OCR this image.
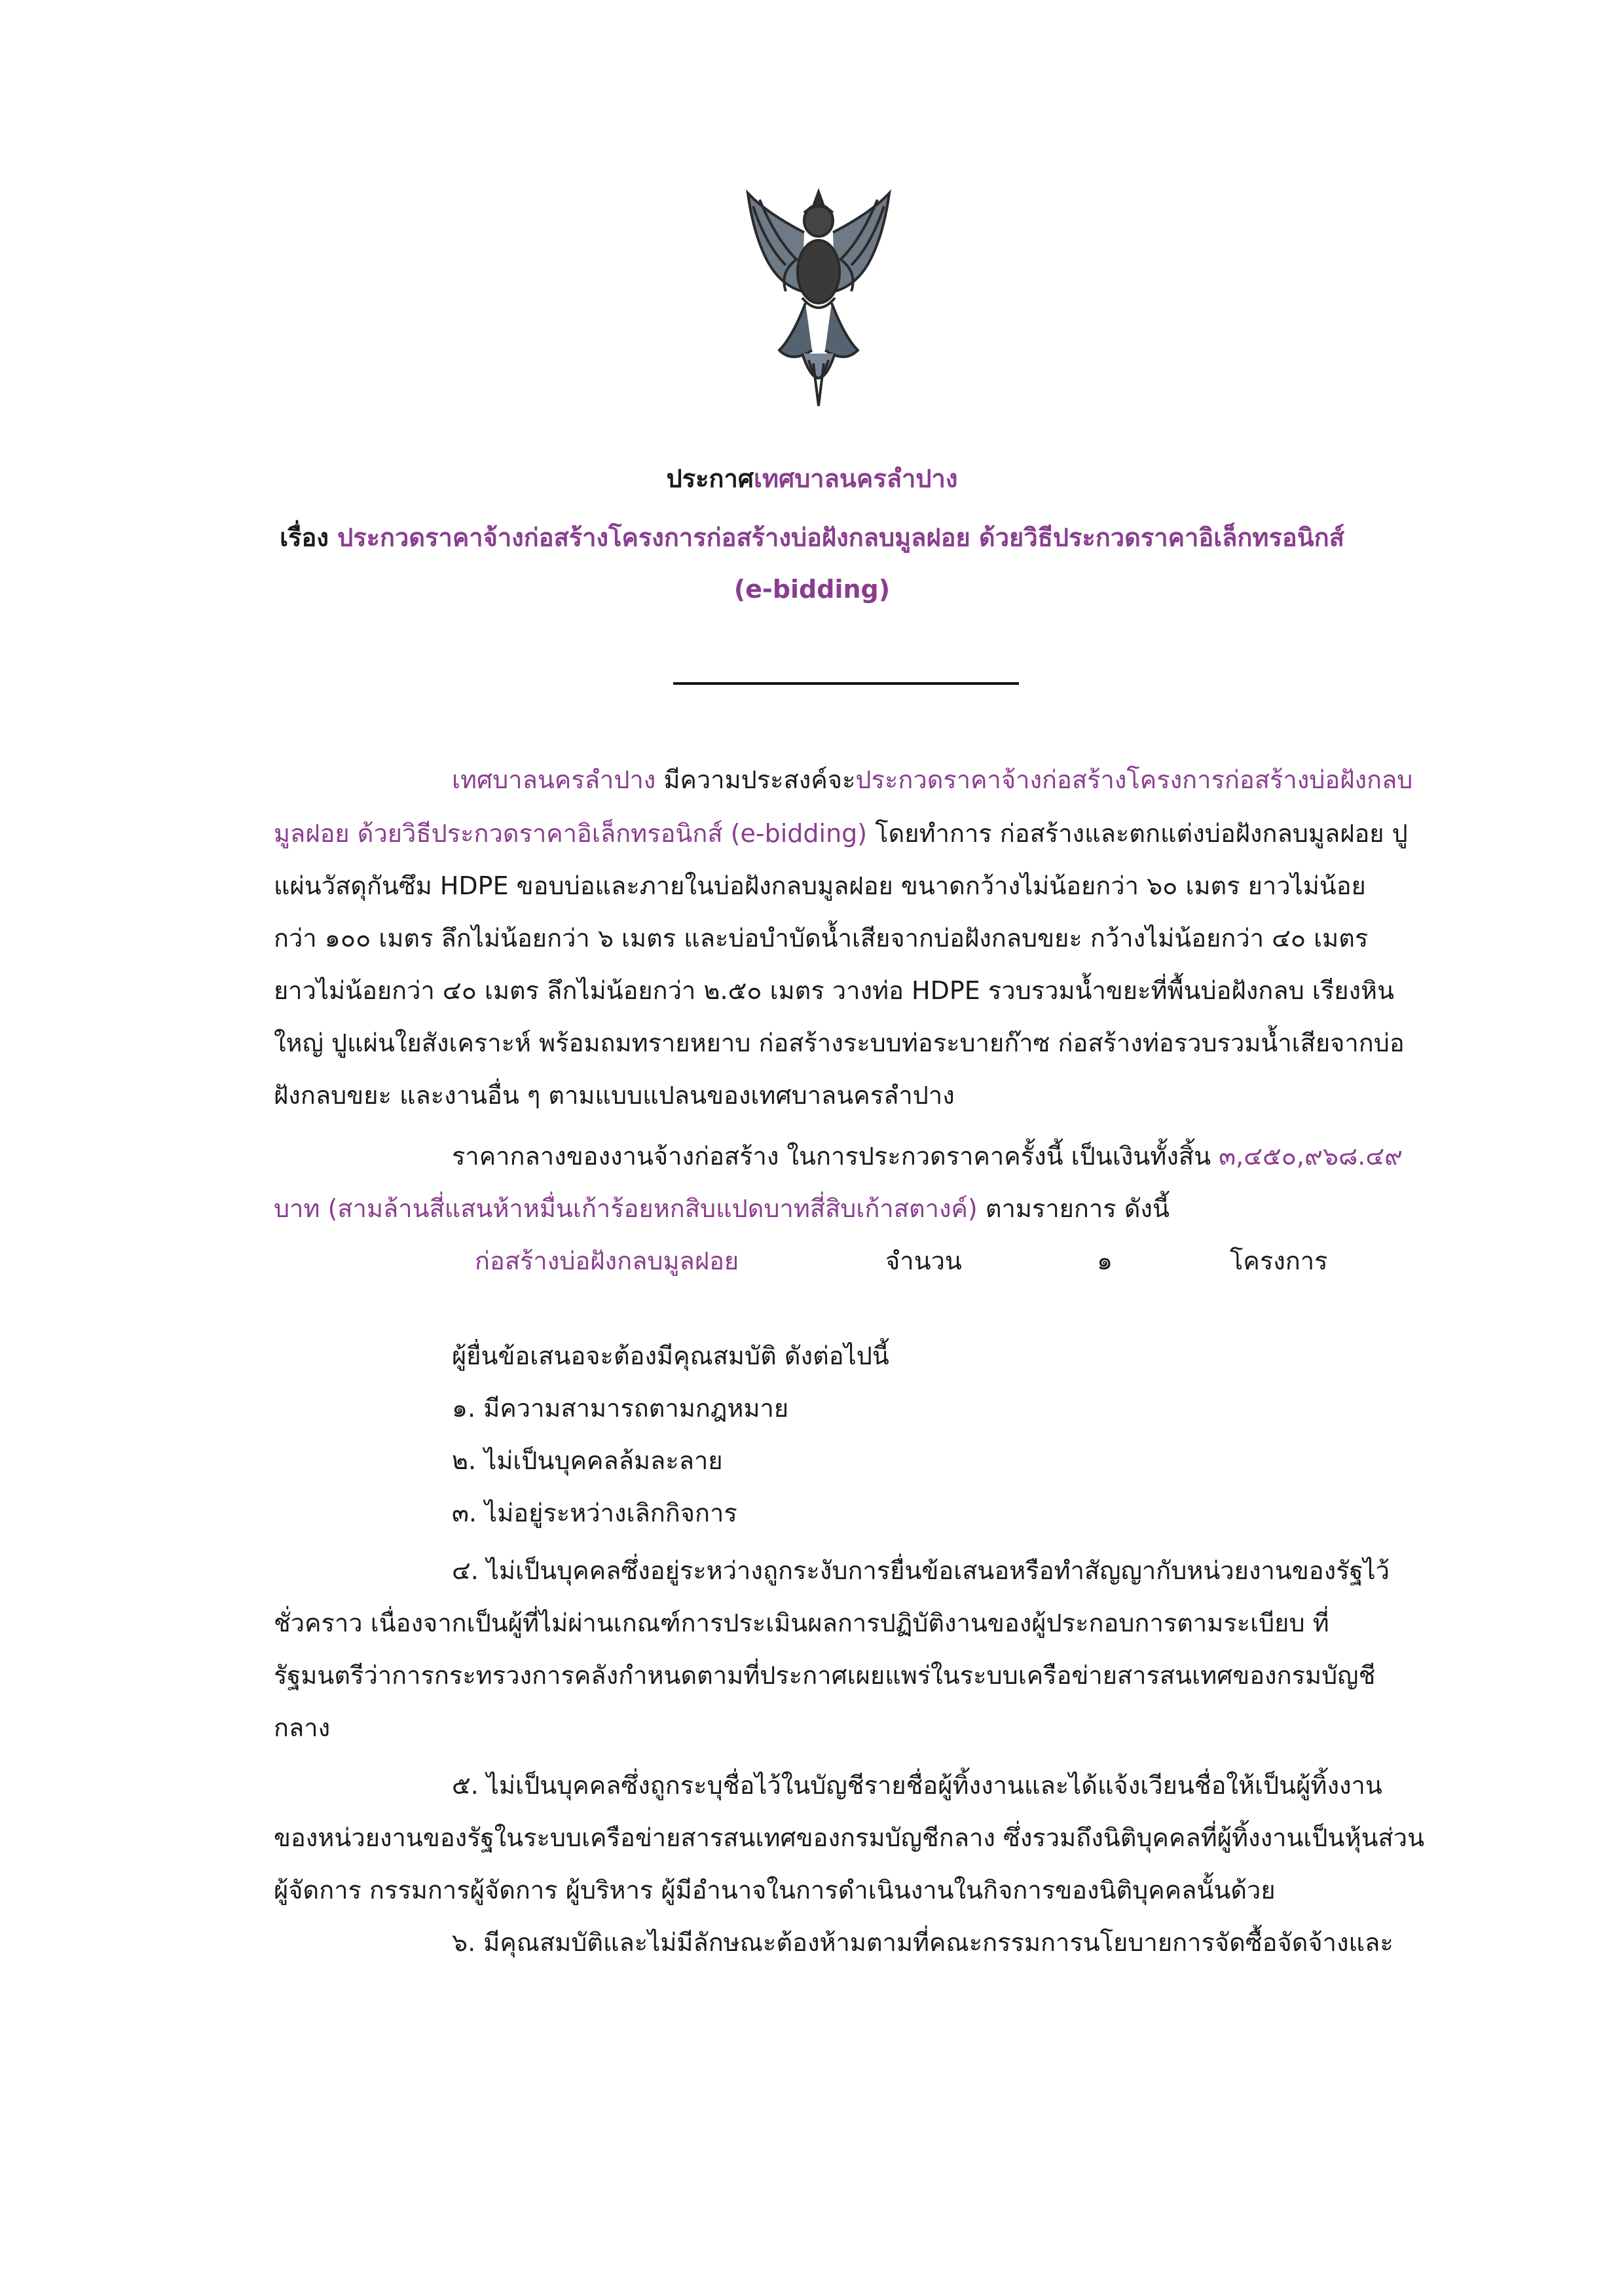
ประกาศเทศบาลนครลำปาง
เรื่อง ประกวดราคาจ้างก่อสร้างโครงการก่อสร้างบ่อฝังกลบมูลฝอย ด้วยวิธีประกวดราคาอิเล็กทรอนิกส์
(e-bidding)
เทศบาลนครลำปาง มีความประสงค์จะประกวดราคาจ้างก่อสร้างโครงการก่อสร้างบ่อฝังกลบ
มูลฝอย ด้วยวิธีประกวดราคาอิเล็กทรอนิกส์ (e-bidding) โดยทำการ ก่อสร้างและตกแต่งบ่อฝังกลบมูลฝอย ปู
แผ่นวัสดุกันซึม HDPE ขอบบ่อและภายในบ่อฝังกลบมูลฝอย ขนาดกว้างไม่น้อยกว่า ๖๐ เมตร ยาวไม่น้อย
กว่า ๑๐๐ เมตร ลึกไม่น้อยกว่า ๖ เมตร และบ่อบำบัดน้ำเสียจากบ่อฝังกลบขยะ กว้างไม่น้อยกว่า ๔๐ เมตร
ยาวไม่น้อยกว่า ๔๐ เมตร ลึกไม่น้อยกว่า ๒.๕๐ เมตร วางท่อ HDPE รวบรวมน้ำขยะที่พื้นบ่อฝังกลบ เรียงหิน
ใหญ่ ปูแผ่นใยสังเคราะห์ พร้อมถมทรายหยาบ ก่อสร้างระบบท่อระบายก๊าซ ก่อสร้างท่อรวบรวมน้ำเสียจากบ่อ
ฝังกลบขยะ และงานอื่น ๆ ตามแบบแปลนของเทศบาลนครลำปาง
ราคากลางของงานจ้างก่อสร้าง ในการประกวดราคาครั้งนี้ เป็นเงินทั้งสิ้น ๓,๔๕๐,๙๖๘.๔๙
บาท (สามล้านสี่แสนห้าหมื่นเก้าร้อยหกสิบแปดบาทสี่สิบเก้าสตางค์) ตามรายการ ดังนี้
ก่อสร้างบ่อฝังกลบมูลฝอย	จำนวน	๑	โครงการ
ผู้ยื่นข้อเสนอจะต้องมีคุณสมบัติ ดังต่อไปนี้
๑. มีความสามารถตามกฎหมาย
๒. ไม่เป็นบุคคลล้มละลาย
๓. ไม่อยู่ระหว่างเลิกกิจการ
๔. ไม่เป็นบุคคลซึ่งอยู่ระหว่างถูกระงับการยื่นข้อเสนอหรือทำสัญญากับหน่วยงานของรัฐไว้
ชั่วคราว เนื่องจากเป็นผู้ที่ไม่ผ่านเกณฑ์การประเมินผลการปฏิบัติงานของผู้ประกอบการตามระเบียบ ที่
รัฐมนตรีว่าการกระทรวงการคลังกำหนดตามที่ประกาศเผยแพร่ในระบบเครือข่ายสารสนเทศของกรมบัญชี
กลาง
๕. ไม่เป็นบุคคลซึ่งถูกระบุชื่อไว้ในบัญชีรายชื่อผู้ทิ้งงานและได้แจ้งเวียนชื่อให้เป็นผู้ทิ้งงาน
ของหน่วยงานของรัฐในระบบเครือข่ายสารสนเทศของกรมบัญชีกลาง ซึ่งรวมถึงนิติบุคคลที่ผู้ทิ้งงานเป็นหุ้นส่วน
ผู้จัดการ กรรมการผู้จัดการ ผู้บริหาร ผู้มีอำนาจในการดำเนินงานในกิจการของนิติบุคคลนั้นด้วย
๖. มีคุณสมบัติและไม่มีลักษณะต้องห้ามตามที่คณะกรรมการนโยบายการจัดซื้อจัดจ้างและ
